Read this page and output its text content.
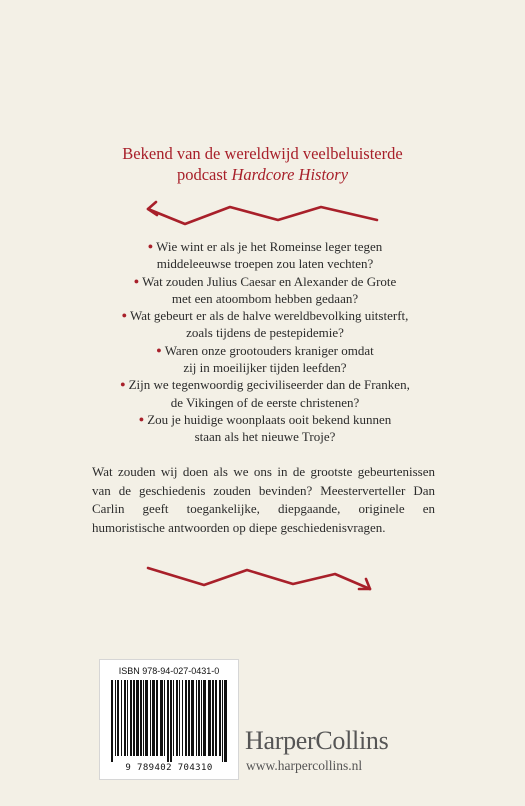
Bekend van de wereldwijd veelbeluisterde
podcast Hardcore History
● Wie wint er als je het Romeinse leger tegen
middeleeuwse troepen zou laten vechten?
● Wat zouden Julius Caesar en Alexander de Grote
met een atoombom hebben gedaan?
● Wat gebeurt er als de halve wereldbevolking uitsterft,
zoals tijdens de pestepidemie?
● Waren onze grootouders kraniger omdat
zij in moeilijker tijden leefden?
● Zijn we tegenwoordig geciviliseerder dan de Franken,
de Vikingen of de eerste christenen?
● Zou je huidige woonplaats ooit bekend kunnen
staan als het nieuwe Troje?

Wat zouden wij doen als we ons in de grootste gebeurtenissen van de geschiedenis zouden bevinden? Meesterverteller Dan Carlin geeft toegankelijke, diepgaande, originele en humoristische antwoorden op diepe geschiedenisvragen.

ISBN 978-94-027-0431-0
9 789402 704310
HarperCollins
www.harpercollins.nl
